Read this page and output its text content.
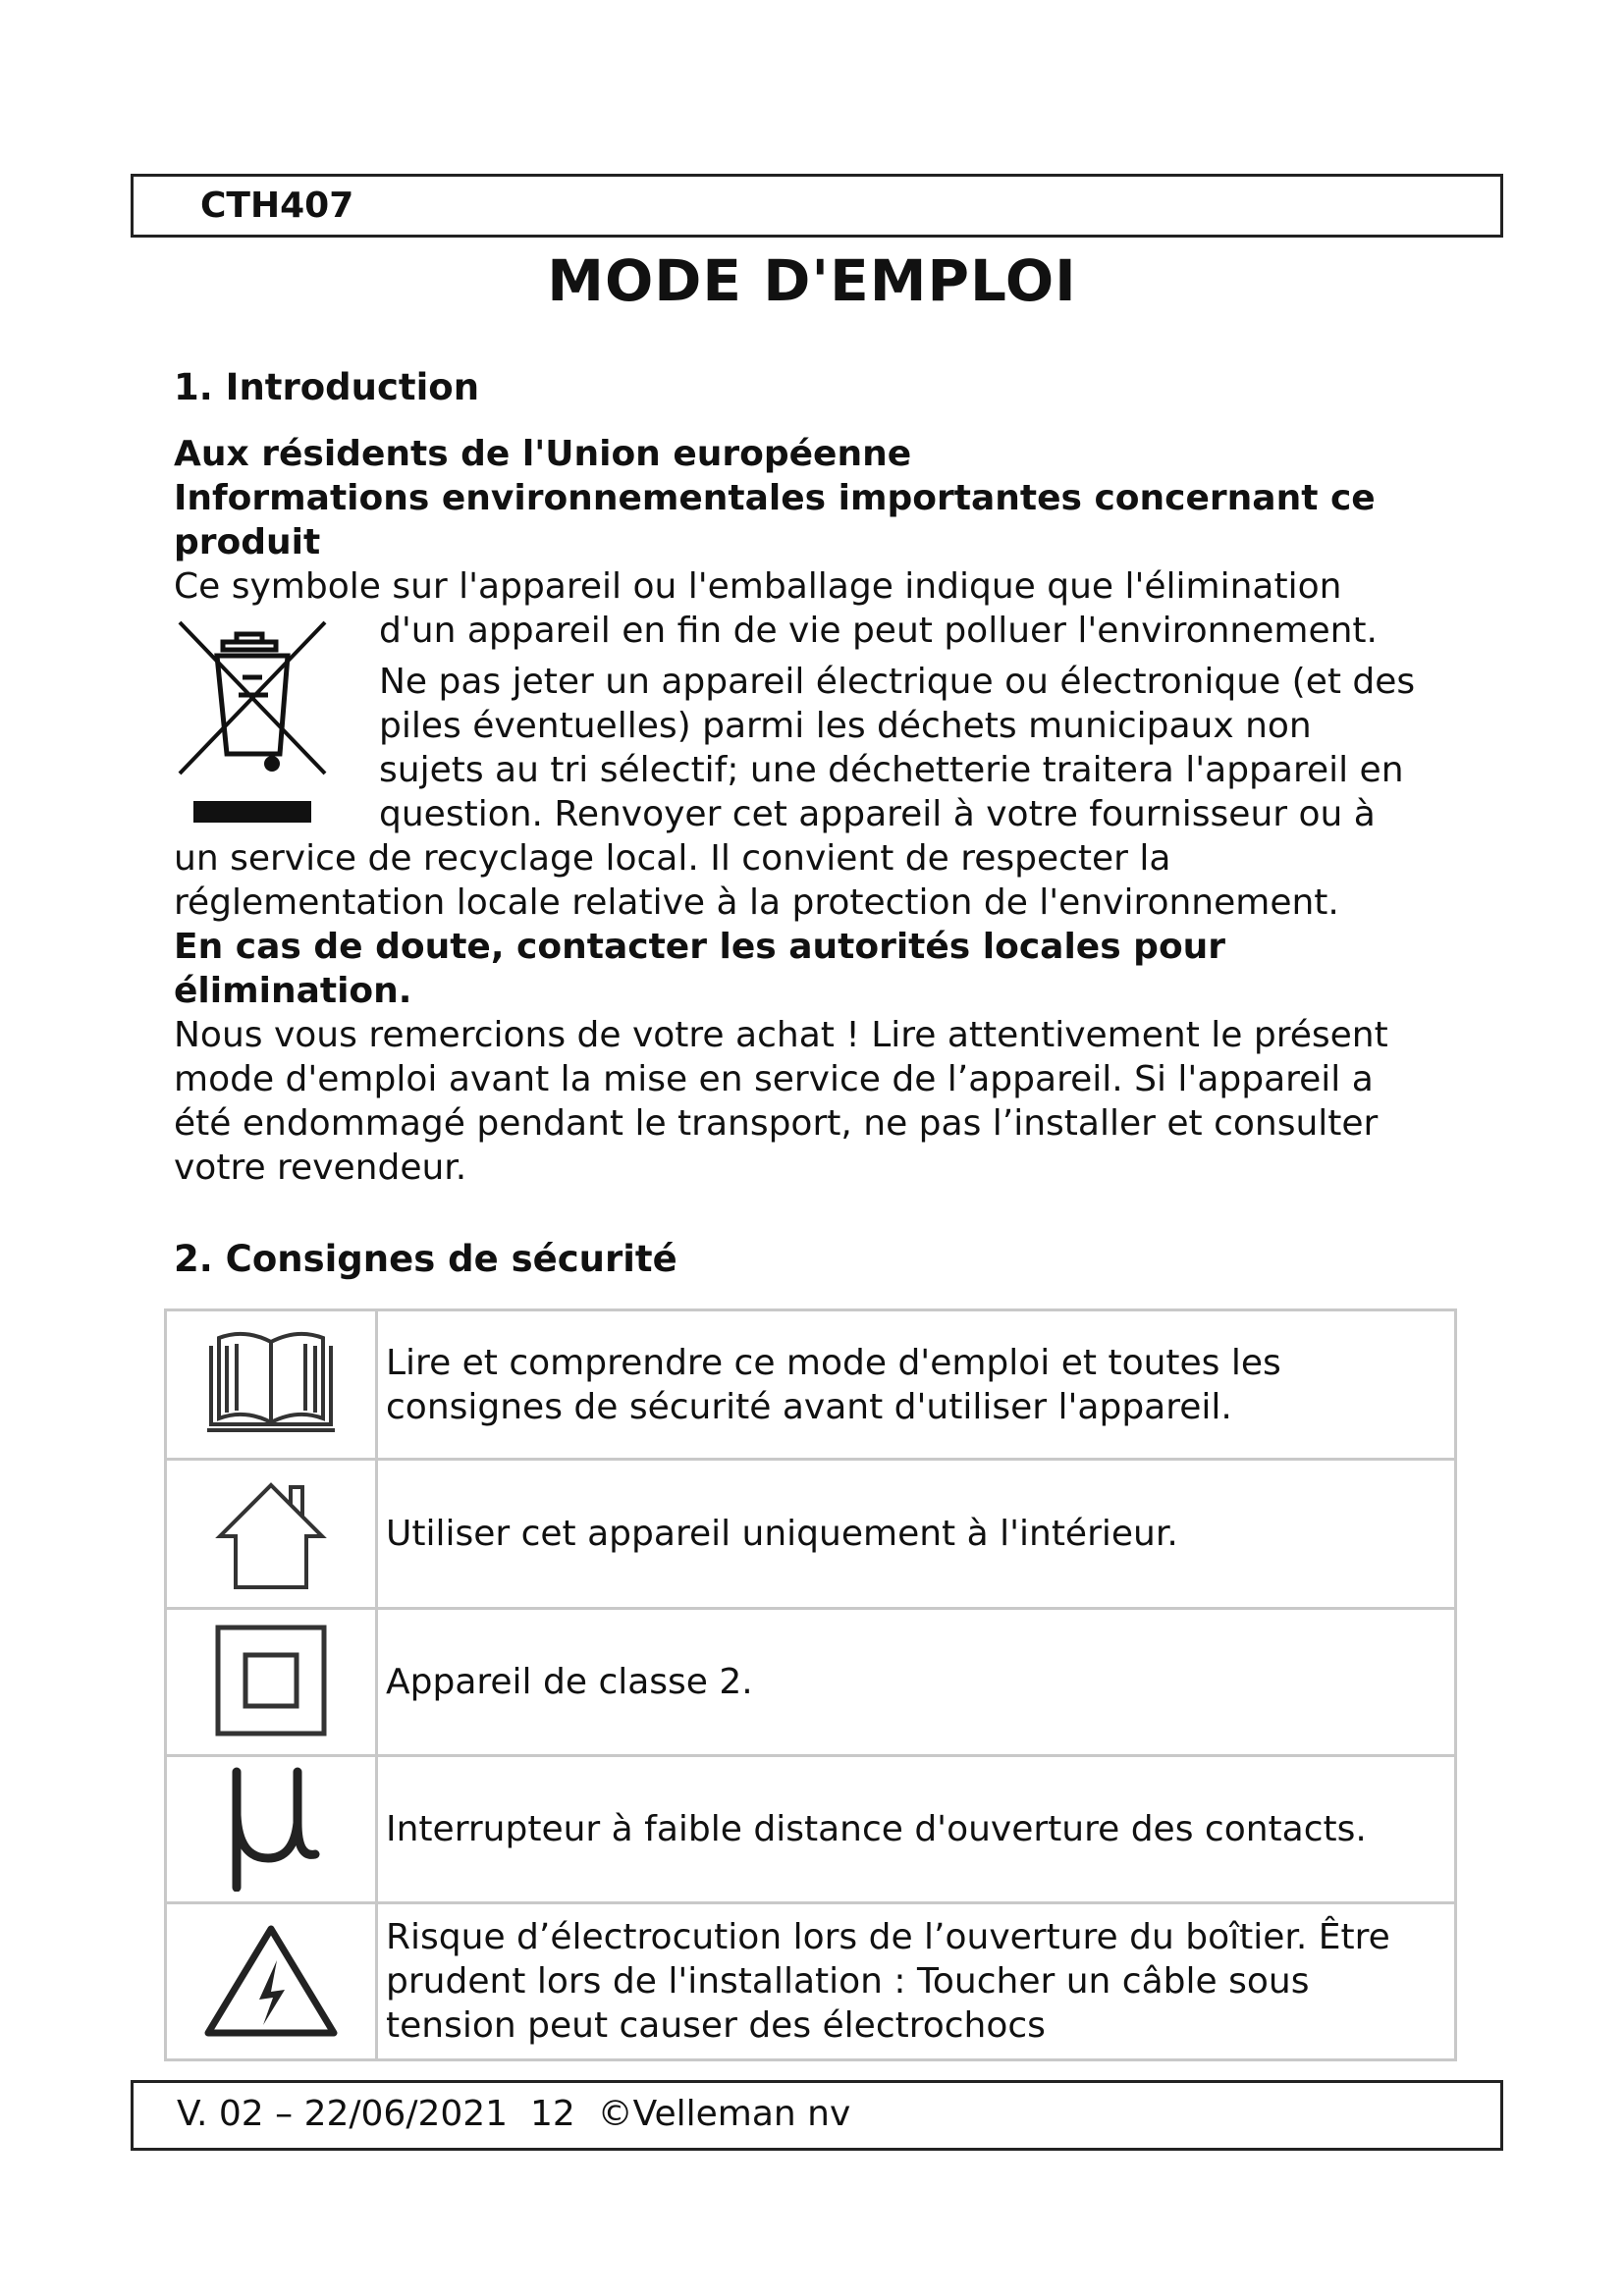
CTH407
MODE D'EMPLOI
1. Introduction
Aux résidents de l'Union européenne
Informations environnementales importantes concernant ce
produit
Ce symbole sur l'appareil ou l'emballage indique que l'élimination
d'un appareil en fin de vie peut polluer l'environnement.
Ne pas jeter un appareil électrique ou électronique (et des
piles éventuelles) parmi les déchets municipaux non
sujets au tri sélectif; une déchetterie traitera l'appareil en
question. Renvoyer cet appareil à votre fournisseur ou à
un service de recyclage local. Il convient de respecter la
réglementation locale relative à la protection de l'environnement.
En cas de doute, contacter les autorités locales pour
élimination.
Nous vous remercions de votre achat ! Lire attentivement le présent
mode d'emploi avant la mise en service de l’appareil. Si l'appareil a
été endommagé pendant le transport, ne pas l’installer et consulter
votre revendeur.
2. Consignes de sécurité

Lire et comprendre ce mode d'emploi et toutes les
consignes de sécurité avant d'utiliser l'appareil.

Utiliser cet appareil uniquement à l'intérieur.

Appareil de classe 2.

Interrupteur à faible distance d'ouverture des contacts.

Risque d’électrocution lors de l’ouverture du boîtier. Être
prudent lors de l'installation : Toucher un câble sous
tension peut causer des électrochocs
V. 02 – 22/06/2021 12 ©Velleman nv
